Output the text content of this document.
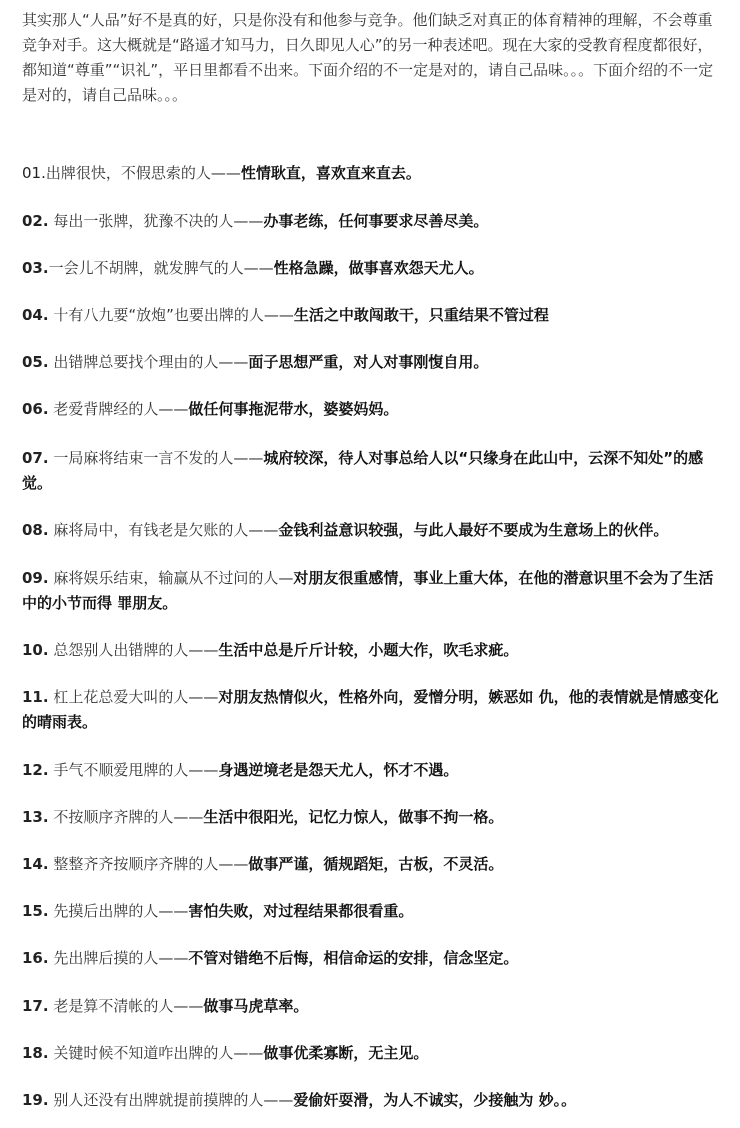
其实那人“人品”好不是真的好，只是你没有和他参与竞争。他们缺乏对真正的体育精神的理解，不会尊重竞争对手。这大概就是“路遥才知马力，日久即见人心”的另一种表述吧。现在大家的受教育程度都很好，都知道“尊重”“识礼”，平日里都看不出来。下面介绍的不一定是对的，请自己品味。。。下面介绍的不一定是对的，请自己品味。。。

01.出牌很快，不假思索的人——性情耿直，喜欢直来直去。

02. 每出一张牌，犹豫不决的人——办事老练，任何事要求尽善尽美。

03.一会儿不胡牌，就发脾气的人——性格急躁，做事喜欢怨天尤人。

04. 十有八九要“放炮”也要出牌的人——生活之中敢闯敢干，只重结果不管过程

05. 出错牌总要找个理由的人——面子思想严重，对人对事刚愎自用。

06. 老爱背牌经的人——做任何事拖泥带水，婆婆妈妈。

07. 一局麻将结束一言不发的人——城府较深，待人对事总给人以“只缘身在此山中，云深不知处”的感觉。

08. 麻将局中，有钱老是欠账的人——金钱利益意识较强，与此人最好不要成为生意场上的伙伴。

09. 麻将娱乐结束，输赢从不过问的人—对朋友很重感情，事业上重大体，在他的潜意识里不会为了生活中的小节而得 罪朋友。

10. 总怨别人出错牌的人——生活中总是斤斤计较，小题大作，吹毛求疵。

11. 杠上花总爱大叫的人——对朋友热情似火，性格外向，爱憎分明，嫉恶如 仇，他的表情就是情感变化的晴雨表。

12. 手气不顺爱甩牌的人——身遇逆境老是怨天尤人，怀才不遇。

13. 不按顺序齐牌的人——生活中很阳光，记忆力惊人，做事不拘一格。

14. 整整齐齐按顺序齐牌的人——做事严谨，循规蹈矩，古板，不灵活。

15. 先摸后出牌的人——害怕失败，对过程结果都很看重。

16. 先出牌后摸的人——不管对错绝不后悔，相信命运的安排，信念坚定。

17. 老是算不清帐的人——做事马虎草率。

18. 关键时候不知道咋出牌的人——做事优柔寡断，无主见。

19. 别人还没有出牌就提前摸牌的人——爱偷奸耍滑，为人不诚实，少接触为 妙。。
